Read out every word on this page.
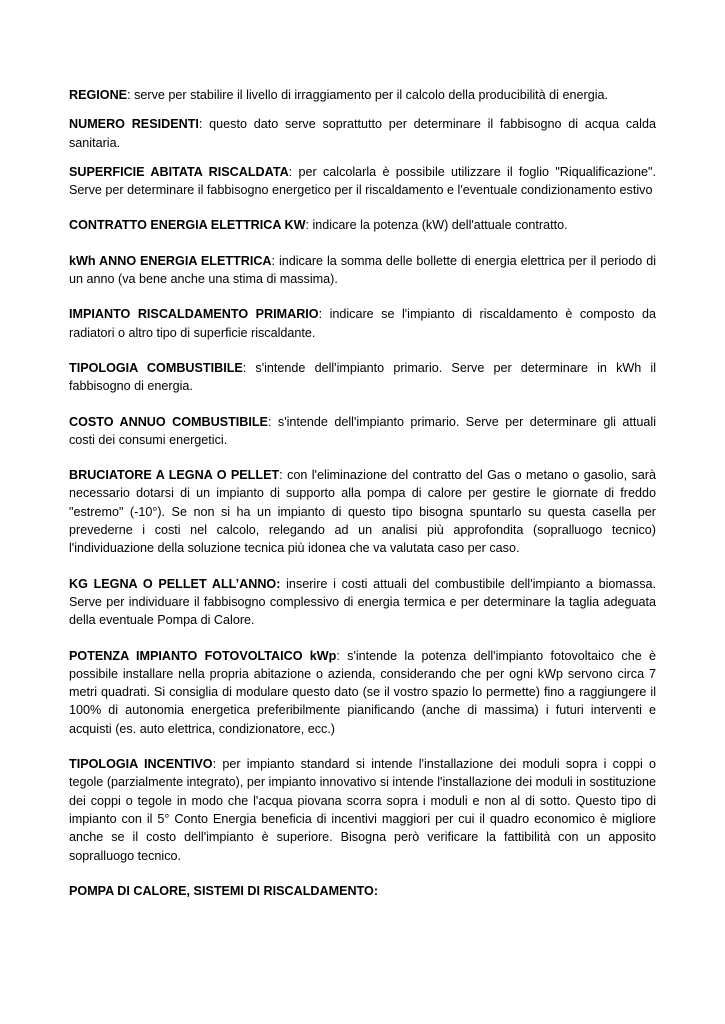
REGIONE: serve per stabilire il livello di irraggiamento per il calcolo della producibilità di energia.

NUMERO RESIDENTI: questo dato serve soprattutto per determinare il fabbisogno di acqua calda sanitaria.

SUPERFICIE ABITATA RISCALDATA: per calcolarla è possibile utilizzare il foglio "Riqualificazione". Serve per determinare il fabbisogno energetico per il riscaldamento e l'eventuale condizionamento estivo

CONTRATTO ENERGIA ELETTRICA KW: indicare la potenza (kW) dell'attuale contratto.

kWh ANNO ENERGIA ELETTRICA: indicare la somma delle bollette di energia elettrica per il periodo di un anno (va bene anche una stima di massima).

IMPIANTO RISCALDAMENTO PRIMARIO: indicare se l'impianto di riscaldamento è composto da radiatori o altro tipo di superficie riscaldante.

TIPOLOGIA COMBUSTIBILE: s'intende dell'impianto primario. Serve per determinare in kWh il fabbisogno di energia.

COSTO ANNUO COMBUSTIBILE: s'intende dell'impianto primario. Serve per determinare gli attuali costi dei consumi energetici.

BRUCIATORE A LEGNA O PELLET: con l'eliminazione del contratto del Gas o metano o gasolio, sarà necessario dotarsi di un impianto di supporto alla pompa di calore per gestire le giornate di freddo "estremo" (-10°). Se non si ha un impianto di questo tipo bisogna spuntarlo su questa casella per prevederne i costi nel calcolo, relegando ad un analisi più approfondita (sopralluogo tecnico) l'individuazione della soluzione tecnica più idonea che va valutata caso per caso.

KG LEGNA O PELLET ALL’ANNO: inserire i costi attuali del combustibile dell'impianto a biomassa. Serve per individuare il fabbisogno complessivo di energia termica e per determinare la taglia adeguata della eventuale Pompa di Calore.

POTENZA IMPIANTO FOTOVOLTAICO kWp: s'intende la potenza dell'impianto fotovoltaico che è possibile installare nella propria abitazione o azienda, considerando che per ogni kWp servono circa 7 metri quadrati. Si consiglia di modulare questo dato (se il vostro spazio lo permette) fino a raggiungere il 100% di autonomia energetica preferibilmente pianificando (anche di massima) i futuri interventi e acquisti (es. auto elettrica, condizionatore, ecc.)

TIPOLOGIA INCENTIVO: per impianto standard si intende l'installazione dei moduli sopra i coppi o tegole (parzialmente integrato), per impianto innovativo si intende l'installazione dei moduli in sostituzione dei coppi o tegole in modo che l'acqua piovana scorra sopra i moduli e non al di sotto. Questo tipo di impianto con il 5° Conto Energia beneficia di incentivi maggiori per cui il quadro economico è migliore anche se il costo dell'impianto è superiore. Bisogna però verificare la fattibilità con un apposito sopralluogo tecnico.

POMPA DI CALORE, SISTEMI DI RISCALDAMENTO:
